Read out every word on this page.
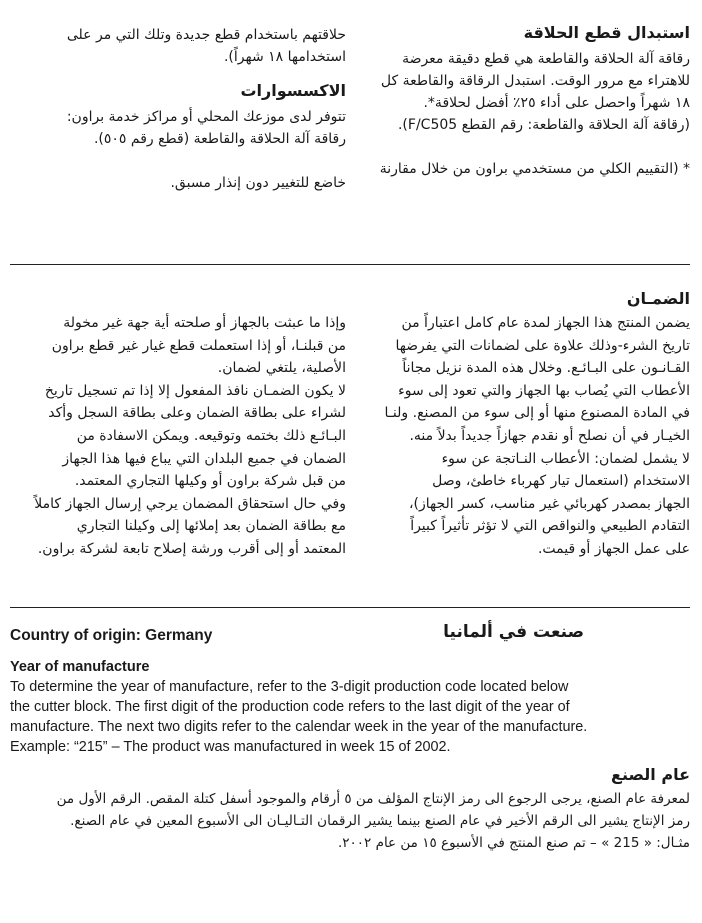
استبدال قطع الحلاقة

رقاقة آلة الحلاقة والقاطعة هي قطع دقيقة معرضة
للاهتراء مع مرور الوقت. استبدل الرقاقة والقاطعة كل
١٨ شهراً واحصل على أداء ٢٥٪ أفضل لحلاقة*.
(رقاقة آلة الحلاقة والقاطعة: رقم القطع F/C505).

* (التقييم الكلي من مستخدمي براون من خلال مقارنة

حلاقتهم باستخدام قطع جديدة وتلك التي مر على
استخدامها ١٨ شهراً).

الاكسسوارات

تتوفر لدى موزعك المحلي أو مراكز خدمة براون:
رقاقة آلة الحلاقة والقاطعة (قطع رقم ٥٠٥).

خاضع للتغيير دون إنذار مسبق.

الضمـان

يضمن المنتج هذا الجهاز لمدة عام كامل اعتباراً من
تاريخ الشرء-وذلك علاوة على لضمانات التي يفرضها
القـانـون على البـائـع. وخلال هذه المدة نزيل مجاناً
الأعطاب التي يُصاب بها الجهاز والتي تعود إلى سوء
في المادة المصنوع منها أو إلى سوء من المصنع. ولنـا
الخيـار في أن نصلح أو نقدم جهازاً جديداً بدلاً منه.
لا يشمل لضمان: الأعطاب النـاتجة عن سوء
الاستخدام (استعمال تيار كهرباء خاطئ، وصل
الجهاز بمصدر كهربائي غير مناسب، كسر الجهاز)،
التقادم الطبيعي والنواقص التي لا تؤثر تأثيراً كبيراً
على عمل الجهاز أو قيمت.

وإذا ما عبثت بالجهاز أو صلحته أية جهة غير مخولة
من قبلنـا، أو إذا استعملت قطع غيار غير قطع براون
الأصلية، يلتغي لضمان.
لا يكون الضمـان نافذ المفعول إلا إذا تم تسجيل تاريخ
لشراء على بطاقة الضمان وعلى بطاقة السجل وأكد
البـائـع ذلك بختمه وتوقيعه. ويمكن الاسفادة من
الضمان في جميع البلدان التي يباع فيها هذا الجهاز
من قبل شركة براون أو وكيلها التجاري المعتمد.
وفي حال استحقاق المضمان يرجي إرسال الجهاز كاملاً
مع بطاقة الضمان بعد إملائها إلى وكيلنا التجاري
المعتمد أو إلى أقرب ورشة إصلاح تابعة لشركة براون.

Country of origin: Germany	صنعت في ألمانيا
Year of manufacture

To determine the year of manufacture, refer to the 3-digit production code located below
the cutter block. The first digit of the production code refers to the last digit of the year of
manufacture. The next two digits refer to the calendar week in the year of the manufacture.
Example: “215” – The product was manufactured in week 15 of 2002.

عام الصنع

لمعرفة عام الصنع، يرجى الرجوع الى رمز الإنتاج المؤلف من ٥ أرقام والموجود أسفل كتلة المقص. الرقم الأول من
رمز الإنتاج يشير الى الرقم الأخير في عام الصنع بينما يشير الرقمان التـاليـان الى الأسبوع المعين في عام الصنع.
مثـال: « 215 » – تم صنع المنتج في الأسبوع ١٥ من عام ٢٠٠٢.
